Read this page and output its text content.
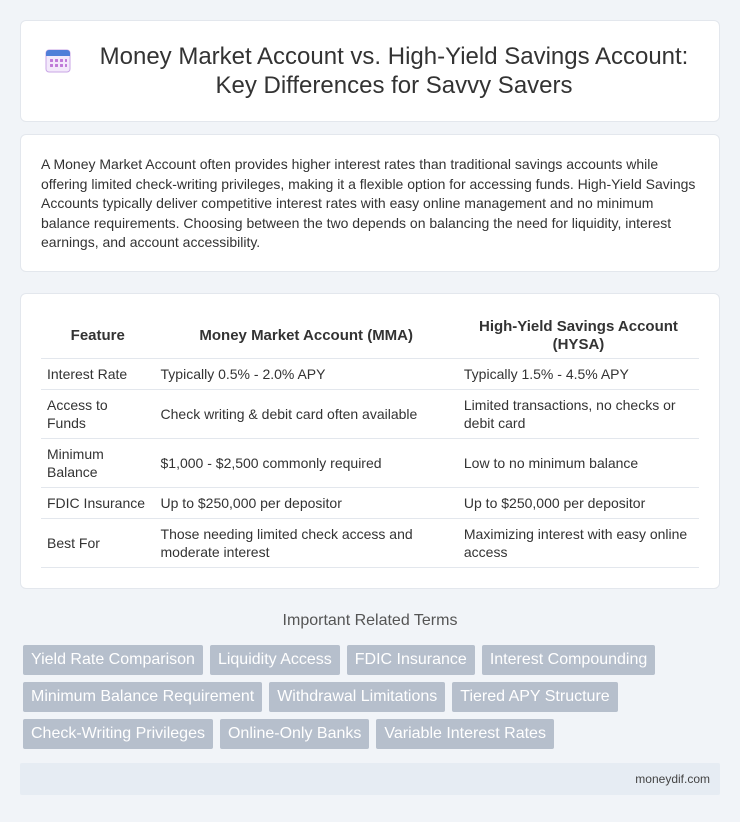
Money Market Account vs. High-Yield Savings Account: Key Differences for Savvy Savers

A Money Market Account often provides higher interest rates than traditional savings accounts while offering limited check-writing privileges, making it a flexible option for accessing funds. High-Yield Savings Accounts typically deliver competitive interest rates with easy online management and no minimum balance requirements. Choosing between the two depends on balancing the need for liquidity, interest earnings, and account accessibility.

Feature	Money Market Account (MMA)	High-Yield Savings Account (HYSA)
Interest Rate	Typically 0.5% - 2.0% APY	Typically 1.5% - 4.5% APY
Access to Funds	Check writing & debit card often available	Limited transactions, no checks or debit card
Minimum Balance	$1,000 - $2,500 commonly required	Low to no minimum balance
FDIC Insurance	Up to $250,000 per depositor	Up to $250,000 per depositor
Best For	Those needing limited check access and moderate interest	Maximizing interest with easy online access
Important Related Terms
Yield Rate Comparison	Liquidity Access	FDIC Insurance	Interest Compounding
Minimum Balance Requirement	Withdrawal Limitations	Tiered APY Structure
Check-Writing Privileges	Online-Only Banks	Variable Interest Rates
moneydif.com
